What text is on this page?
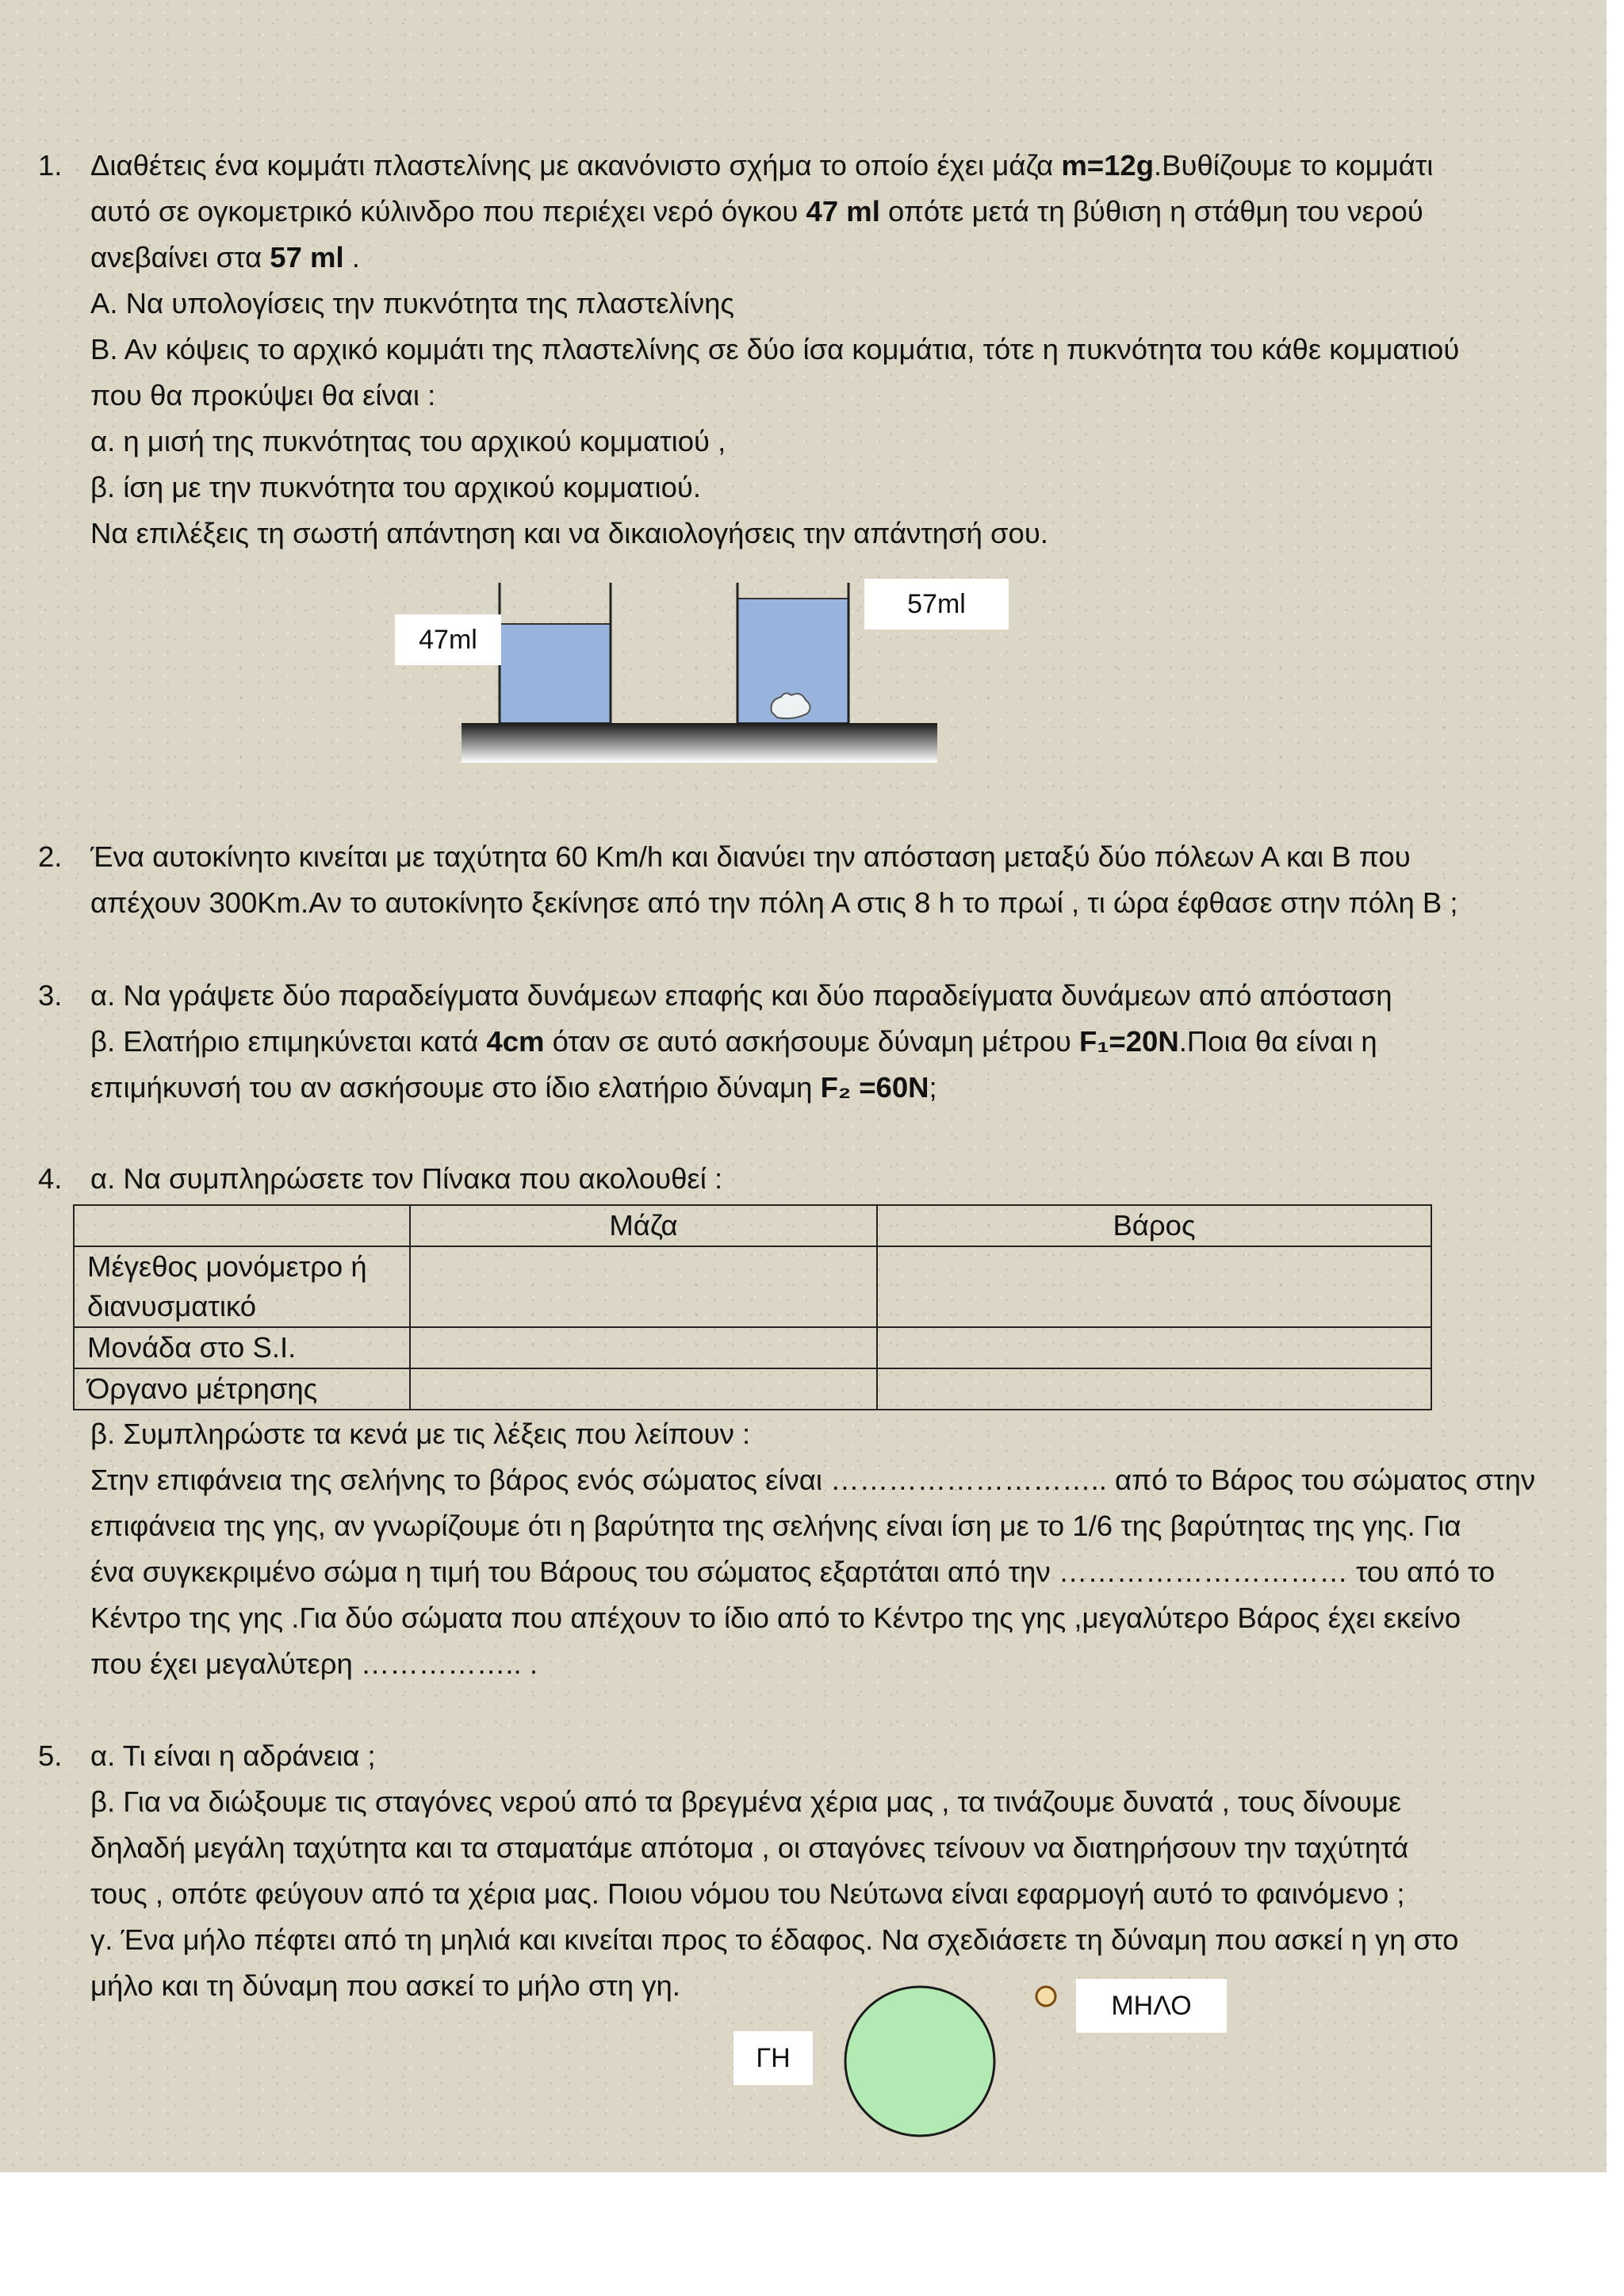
1. Διαθέτεις ένα κομμάτι πλαστελίνης με ακανόνιστο σχήμα το οποίο έχει μάζα m=12g.Βυθίζουμε το κομμάτι
αυτό σε ογκομετρικό κύλινδρο που περιέχει νερό όγκου 47 ml οπότε μετά τη βύθιση η στάθμη του νερού
ανεβαίνει στα 57 ml .
Α. Να υπολογίσεις την πυκνότητα της πλαστελίνης
Β. Αν κόψεις το αρχικό κομμάτι της πλαστελίνης σε δύο ίσα κομμάτια, τότε η πυκνότητα του κάθε κομματιού
που θα προκύψει θα είναι :
α. η μισή της πυκνότητας του αρχικού κομματιού ,
β. ίση με την πυκνότητα του αρχικού κομματιού.
Να επιλέξεις τη σωστή απάντηση και να δικαιολογήσεις την απάντησή σου.
47ml
57ml
2. Ένα αυτοκίνητο κινείται με ταχύτητα 60 Km/h και διανύει την απόσταση μεταξύ δύο πόλεων Α και Β που
απέχουν 300Km.Αν το αυτοκίνητο ξεκίνησε από την πόλη Α στις 8 h το πρωί , τι ώρα έφθασε στην πόλη Β ;
3. α. Να γράψετε δύο παραδείγματα δυνάμεων επαφής και δύο παραδείγματα δυνάμεων από απόσταση
β. Ελατήριο επιμηκύνεται κατά 4cm όταν σε αυτό ασκήσουμε δύναμη μέτρου F₁=20N.Ποια θα είναι η
επιμήκυνσή του αν ασκήσουμε στο ίδιο ελατήριο δύναμη F₂ =60N;
4. α. Να συμπληρώσετε τον Πίνακα που ακολουθεί :
	Μάζα	Βάρος
Μέγεθος μονόμετρο ή διανυσματικό		
Μονάδα στο S.I.		
Όργανο μέτρησης		
β. Συμπληρώστε τα κενά με τις λέξεις που λείπουν :
Στην επιφάνεια της σελήνης το βάρος ενός σώματος είναι ……………………….. από το Βάρος του σώματος στην
επιφάνεια της γης, αν γνωρίζουμε ότι η βαρύτητα της σελήνης είναι ίση με το 1/6 της βαρύτητας της γης. Για
ένα συγκεκριμένο σώμα η τιμή του Βάρους του σώματος εξαρτάται από την ………………………… του από το
Κέντρο της γης .Για δύο σώματα που απέχουν το ίδιο από το Κέντρο της γης ,μεγαλύτερο Βάρος έχει εκείνο
που έχει μεγαλύτερη …………….. .
5. α. Τι είναι η αδράνεια ;
β. Για να διώξουμε τις σταγόνες νερού από τα βρεγμένα χέρια μας , τα τινάζουμε δυνατά , τους δίνουμε
δηλαδή μεγάλη ταχύτητα και τα σταματάμε απότομα , οι σταγόνες τείνουν να διατηρήσουν την ταχύτητά
τους , οπότε φεύγουν από τα χέρια μας. Ποιου νόμου του Νεύτωνα είναι εφαρμογή αυτό το φαινόμενο ;
γ. Ένα μήλο πέφτει από τη μηλιά και κινείται προς το έδαφος. Να σχεδιάσετε τη δύναμη που ασκεί η γη στο
μήλο και τη δύναμη που ασκεί το μήλο στη γη.
ΓΗ
ΜΗΛΟ
